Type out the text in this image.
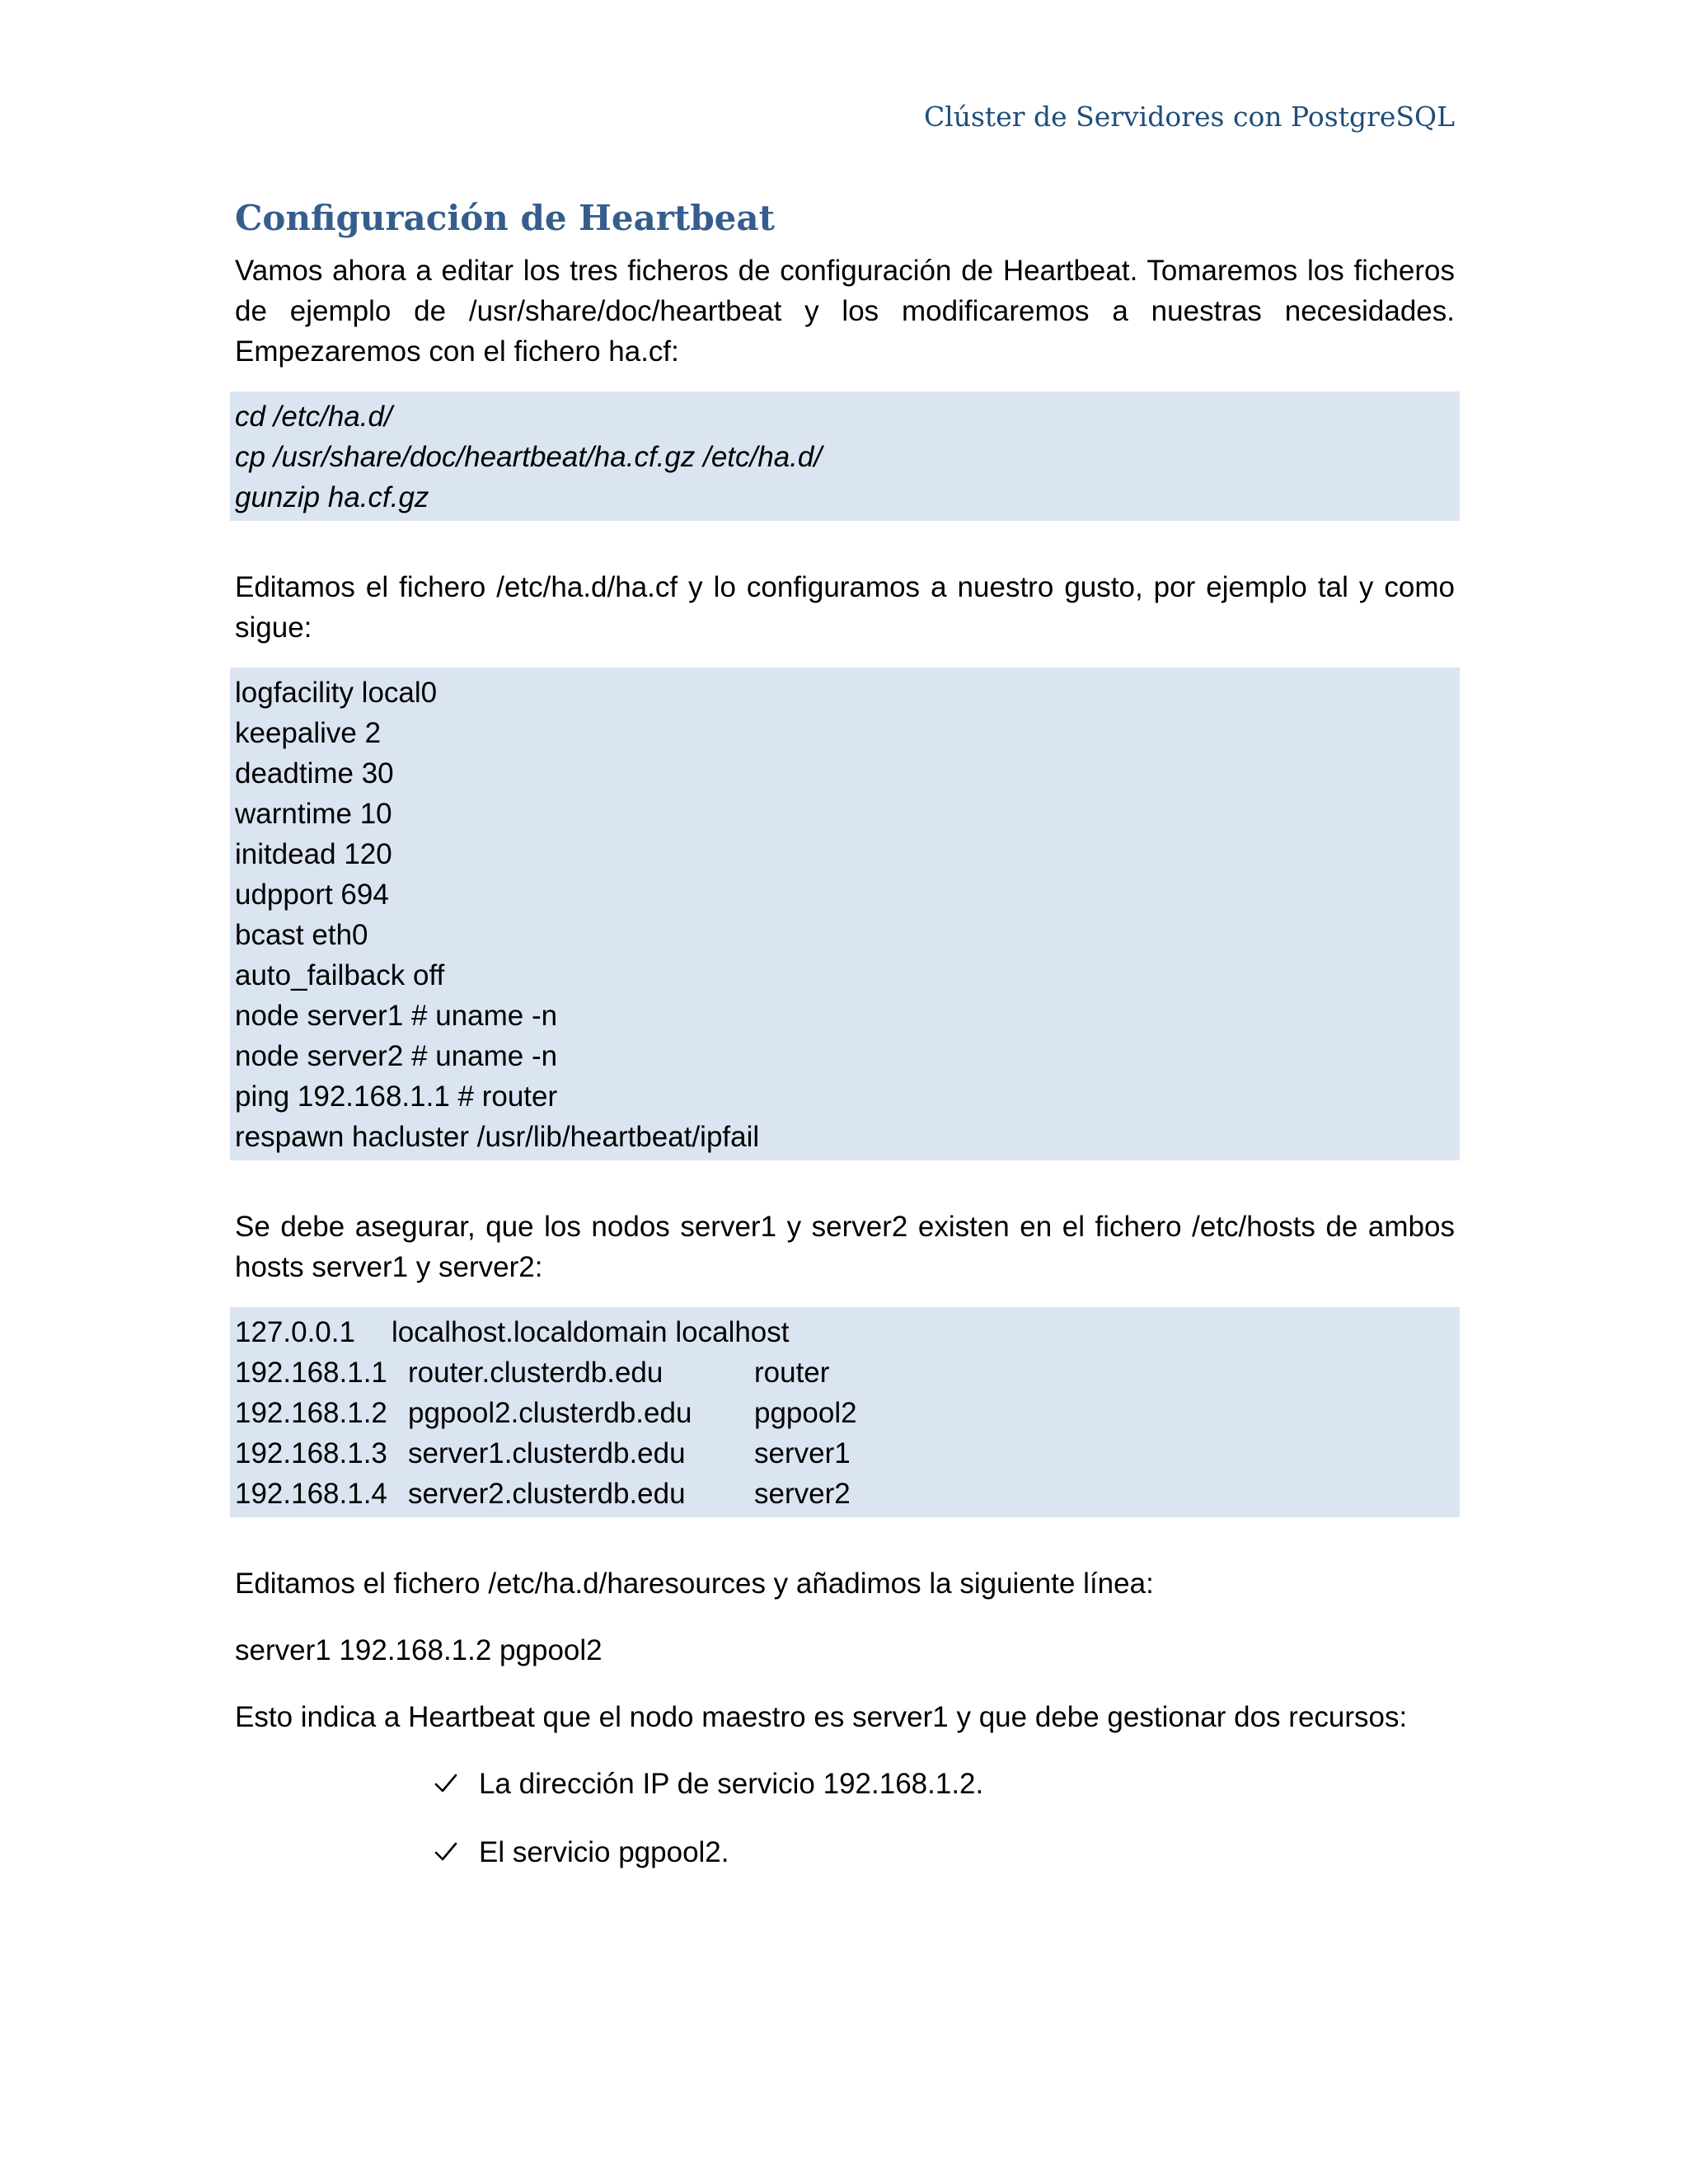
Clúster de Servidores con PostgreSQL
Configuración de Heartbeat

Vamos ahora a editar los tres ficheros de configuración de Heartbeat. Tomaremos los ficheros de ejemplo de /usr/share/doc/heartbeat y los modificaremos a nuestras necesidades. Empezaremos con el fichero ha.cf:

cd /etc/ha.d/
cp /usr/share/doc/heartbeat/ha.cf.gz /etc/ha.d/
gunzip ha.cf.gz

Editamos el fichero /etc/ha.d/ha.cf y lo configuramos a nuestro gusto, por ejemplo tal y como sigue:

logfacility local0
keepalive 2
deadtime 30
warntime 10
initdead 120
udpport 694
bcast eth0
auto_failback off
node server1 # uname -n
node server2 # uname -n
ping 192.168.1.1 # router
respawn hacluster /usr/lib/heartbeat/ipfail

Se debe asegurar, que los nodos server1 y server2 existen en el fichero /etc/hosts de ambos hosts server1 y server2:

127.0.0.1	localhost.localdomain localhost
192.168.1.1 router.clusterdb.edu	router
192.168.1.2 pgpool2.clusterdb.edu	pgpool2
192.168.1.3 server1.clusterdb.edu	server1
192.168.1.4 server2.clusterdb.edu	server2

Editamos el fichero /etc/ha.d/haresources y añadimos la siguiente línea:

server1 192.168.1.2 pgpool2

Esto indica a Heartbeat que el nodo maestro es server1 y que debe gestionar dos recursos:

La dirección IP de servicio 192.168.1.2.
El servicio pgpool2.
